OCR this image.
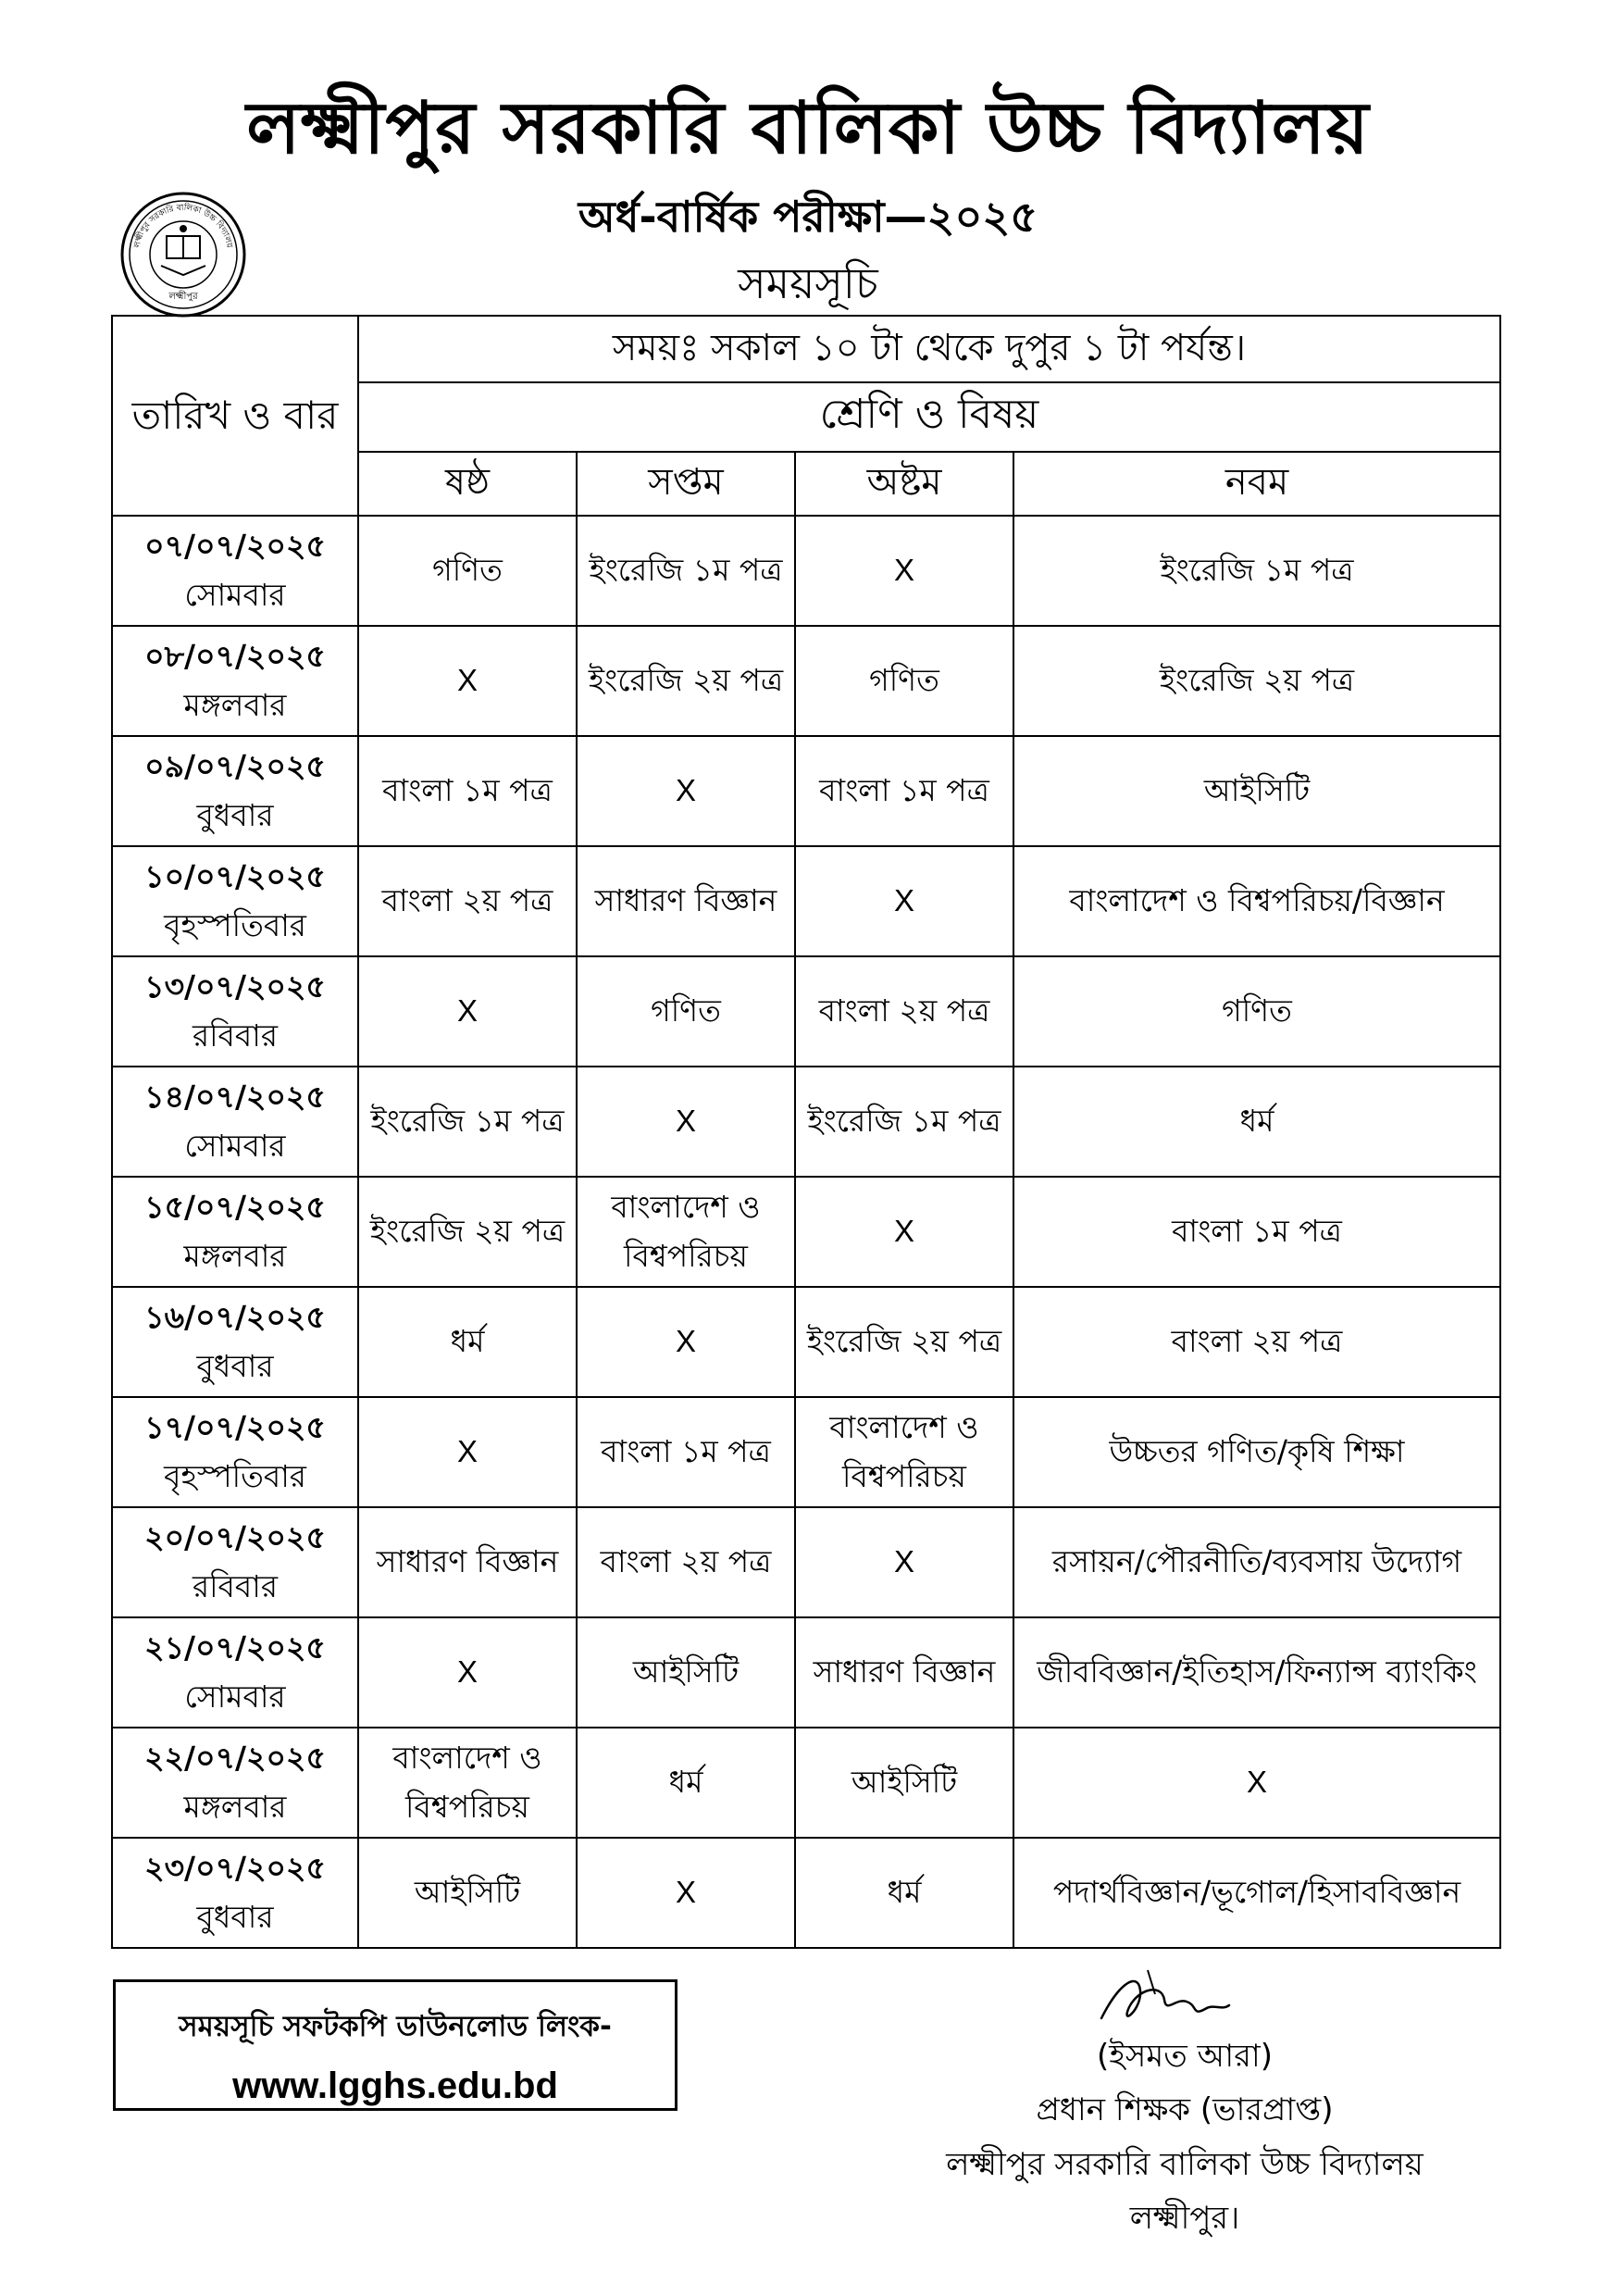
লক্ষ্মীপুর সরকারি বালিকা উচ্চ বিদ্যালয়
অর্ধ-বার্ষিক পরীক্ষা—২০২৫
সময়সূচি
লক্ষ্মীপুর সরকারি বালিকা উচ্চ বিদ্যালয়
লক্ষ্মীপুর
তারিখ ও বার	সময়ঃ সকাল ১০ টা থেকে দুপুর ১ টা পর্যন্ত।			
	শ্রেণি ও বিষয়			
	ষষ্ঠ	সপ্তম	অষ্টম	নবম

০৭/০৭/২০২৫
সোমবার	গণিত	ইংরেজি ১ম পত্র	X	ইংরেজি ১ম পত্র

০৮/০৭/২০২৫
মঙ্গলবার	X	ইংরেজি ২য় পত্র	গণিত	ইংরেজি ২য় পত্র

০৯/০৭/২০২৫
বুধবার	বাংলা ১ম পত্র	X	বাংলা ১ম পত্র	আইসিটি

১০/০৭/২০২৫
বৃহস্পতিবার	বাংলা ২য় পত্র	সাধারণ বিজ্ঞান	X	বাংলাদেশ ও বিশ্বপরিচয়/বিজ্ঞান

১৩/০৭/২০২৫
রবিবার	X	গণিত	বাংলা ২য় পত্র	গণিত

১৪/০৭/২০২৫
সোমবার	ইংরেজি ১ম পত্র	X	ইংরেজি ১ম পত্র	ধর্ম

১৫/০৭/২০২৫
মঙ্গলবার	ইংরেজি ২য় পত্র	বাংলাদেশ ও বিশ্বপরিচয়	X	বাংলা ১ম পত্র

১৬/০৭/২০২৫
বুধবার	ধর্ম	X	ইংরেজি ২য় পত্র	বাংলা ২য় পত্র

১৭/০৭/২০২৫
বৃহস্পতিবার	X	বাংলা ১ম পত্র	বাংলাদেশ ও বিশ্বপরিচয়	উচ্চতর গণিত/কৃষি শিক্ষা

২০/০৭/২০২৫
রবিবার	সাধারণ বিজ্ঞান	বাংলা ২য় পত্র	X	রসায়ন/পৌরনীতি/ব্যবসায় উদ্যোগ

২১/০৭/২০২৫
সোমবার	X	আইসিটি	সাধারণ বিজ্ঞান	জীববিজ্ঞান/ইতিহাস/ফিন্যান্স ব্যাংকিং

২২/০৭/২০২৫
মঙ্গলবার	বাংলাদেশ ও বিশ্বপরিচয়	ধর্ম	আইসিটি	X

২৩/০৭/২০২৫
বুধবার	আইসিটি	X	ধর্ম	পদার্থবিজ্ঞান/ভূগোল/হিসাববিজ্ঞান
সময়সূচি সফটকপি ডাউনলোড লিংক-
www.lgghs.edu.bd
(ইসমত আরা)
প্রধান শিক্ষক (ভারপ্রাপ্ত)
লক্ষ্মীপুর সরকারি বালিকা উচ্চ বিদ্যালয়
লক্ষ্মীপুর।
